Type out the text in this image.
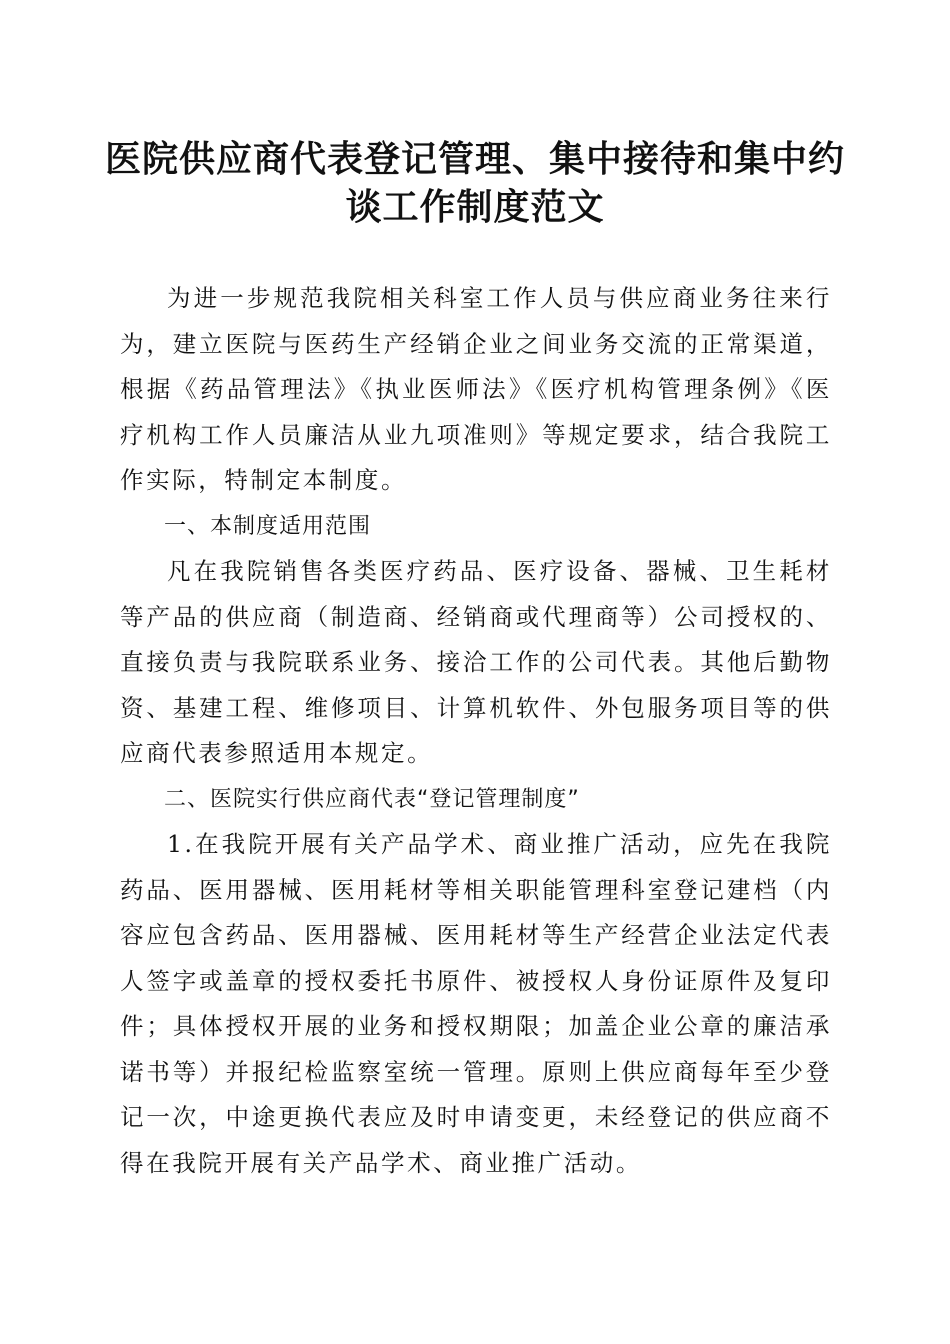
医院供应商代表登记管理、集中接待和集中约
谈工作制度范文

为进一步规范我院相关科室工作人员与供应商业务往来行为，建立医院与医药生产经销企业之间业务交流的正常渠道，根据《药品管理法》《执业医师法》《医疗机构管理条例》《医疗机构工作人员廉洁从业九项准则》等规定要求，结合我院工作实际，特制定本制度。

一、本制度适用范围

凡在我院销售各类医疗药品、医疗设备、器械、卫生耗材等产品的供应商（制造商、经销商或代理商等）公司授权的、直接负责与我院联系业务、接洽工作的公司代表。其他后勤物资、基建工程、维修项目、计算机软件、外包服务项目等的供应商代表参照适用本规定。

二、医院实行供应商代表“登记管理制度”

1.在我院开展有关产品学术、商业推广活动，应先在我院药品、医用器械、医用耗材等相关职能管理科室登记建档（内容应包含药品、医用器械、医用耗材等生产经营企业法定代表人签字或盖章的授权委托书原件、被授权人身份证原件及复印件；具体授权开展的业务和授权期限；加盖企业公章的廉洁承诺书等）并报纪检监察室统一管理。原则上供应商每年至少登记一次，中途更换代表应及时申请变更，未经登记的供应商不得在我院开展有关产品学术、商业推广活动。
